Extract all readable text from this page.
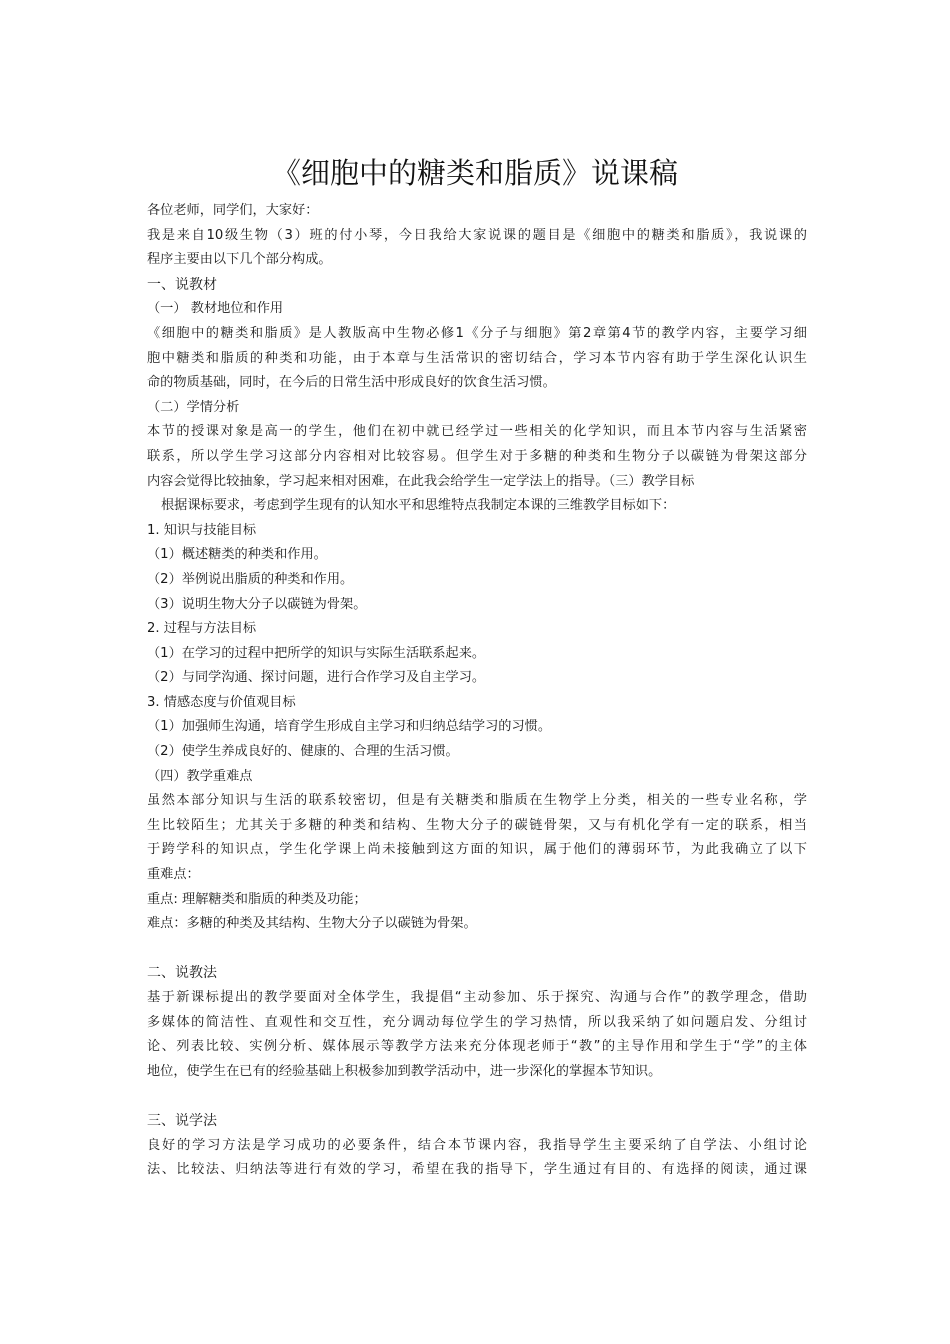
《细胞中的糖类和脂质》说课稿
各位老师，同学们，大家好：
我是来自10级生物（3）班的付小琴，今日我给大家说课的题目是《细胞中的糖类和脂质》，我说课的
程序主要由以下几个部分构成。
一、说教材
（一） 教材地位和作用
《细胞中的糖类和脂质》是人教版高中生物必修1《分子与细胞》第2章第4节的教学内容，主要学习细
胞中糖类和脂质的种类和功能，由于本章与生活常识的密切结合，学习本节内容有助于学生深化认识生
命的物质基础，同时，在今后的日常生活中形成良好的饮食生活习惯。
（二）学情分析
本节的授课对象是高一的学生，他们在初中就已经学过一些相关的化学知识，而且本节内容与生活紧密
联系，所以学生学习这部分内容相对比较容易。但学生对于多糖的种类和生物分子以碳链为骨架这部分
内容会觉得比较抽象，学习起来相对困难，在此我会给学生一定学法上的指导。（三）教学目标
根据课标要求，考虑到学生现有的认知水平和思维特点我制定本课的三维教学目标如下：
1. 知识与技能目标
（1）概述糖类的种类和作用。
（2）举例说出脂质的种类和作用。
（3）说明生物大分子以碳链为骨架。
2. 过程与方法目标
（1）在学习的过程中把所学的知识与实际生活联系起来。
（2）与同学沟通、探讨问题，进行合作学习及自主学习。
3. 情感态度与价值观目标
（1）加强师生沟通，培育学生形成自主学习和归纳总结学习的习惯。
（2）使学生养成良好的、健康的、合理的生活习惯。
（四）教学重难点
虽然本部分知识与生活的联系较密切，但是有关糖类和脂质在生物学上分类，相关的一些专业名称，学
生比较陌生；尤其关于多糖的种类和结构、生物大分子的碳链骨架，又与有机化学有一定的联系，相当
于跨学科的知识点，学生化学课上尚未接触到这方面的知识，属于他们的薄弱环节，为此我确立了以下
重难点：
重点: 理解糖类和脂质的种类及功能；
难点：多糖的种类及其结构、生物大分子以碳链为骨架。
二、说教法
基于新课标提出的教学要面对全体学生，我提倡“主动参加、乐于探究、沟通与合作”的教学理念，借助
多媒体的简洁性、直观性和交互性，充分调动每位学生的学习热情，所以我采纳了如问题启发、分组讨
论、列表比较、实例分析、媒体展示等教学方法来充分体现老师于“教”的主导作用和学生于“学”的主体
地位，使学生在已有的经验基础上积极参加到教学活动中，进一步深化的掌握本节知识。
三、说学法
良好的学习方法是学习成功的必要条件，结合本节课内容，我指导学生主要采纳了自学法、小组讨论
法、比较法、归纳法等进行有效的学习，希望在我的指导下，学生通过有目的、有选择的阅读，通过课
